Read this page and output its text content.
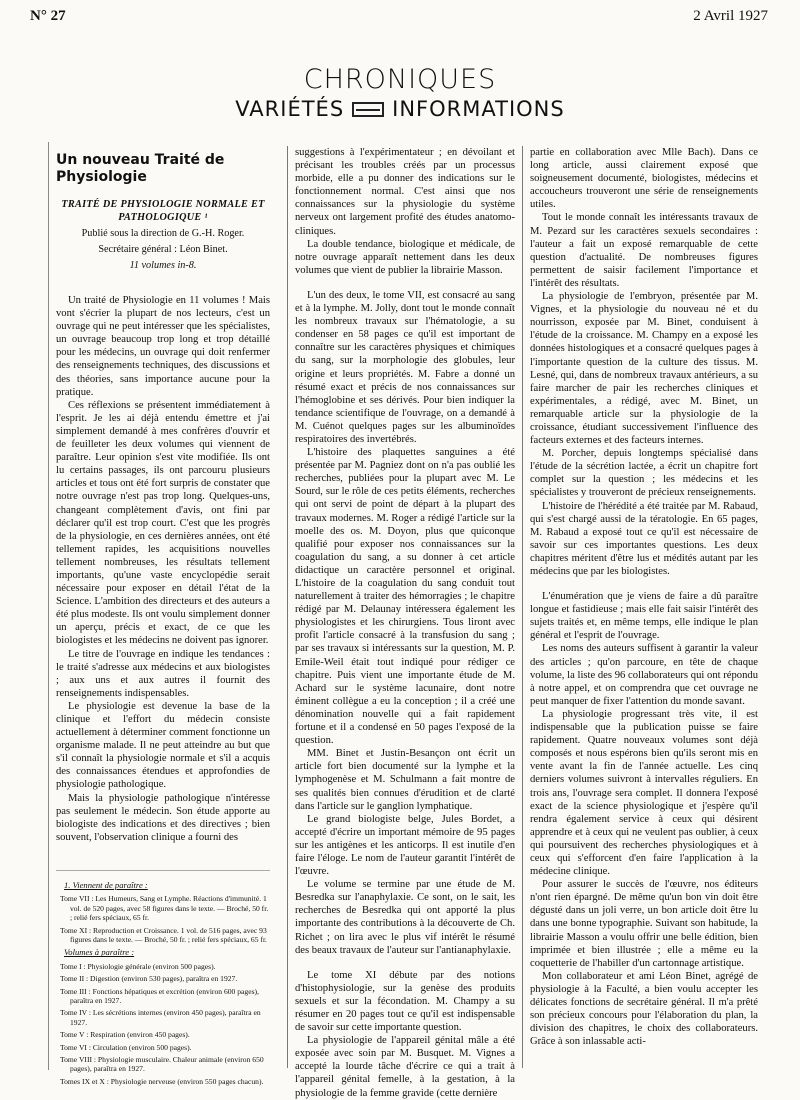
N° 27	2 Avril 1927
CHRONIQUES
VARIÉTÉS INFORMATIONS
Un nouveau Traité de Physiologie
TRAITÉ DE PHYSIOLOGIE NORMALE ET PATHOLOGIQUE ¹
Publié sous la direction de G.-H. Roger.
Secrétaire général : Léon Binet.
11 volumes in-8.

Un traité de Physiologie en 11 volumes ! Mais vont s'écrier la plupart de nos lecteurs, c'est un ouvrage qui ne peut intéresser que les spécialistes, un ouvrage beaucoup trop long et trop détaillé pour les médecins, un ouvrage qui doit renfermer des renseignements techniques, des discussions et des théories, sans importance aucune pour la pratique.

Ces réflexions se présentent immédiatement à l'esprit. Je les ai déjà entendu émettre et j'ai simplement demandé à mes confrères d'ouvrir et de feuilleter les deux volumes qui viennent de paraître. Leur opinion s'est vite modifiée. Ils ont lu certains passages, ils ont parcouru plusieurs articles et tous ont été fort surpris de constater que notre ouvrage n'est pas trop long. Quelques-uns, changeant complètement d'avis, ont fini par déclarer qu'il est trop court. C'est que les progrès de la physiologie, en ces dernières années, ont été tellement rapides, les acquisitions nouvelles tellement nombreuses, les résultats tellement importants, qu'une vaste encyclopédie serait nécessaire pour exposer en détail l'état de la Science. L'ambition des directeurs et des auteurs a été plus modeste. Ils ont voulu simplement donner un aperçu, précis et exact, de ce que les biologistes et les médecins ne doivent pas ignorer.

Le titre de l'ouvrage en indique les tendances : le traité s'adresse aux médecins et aux biologistes ; aux uns et aux autres il fournit des renseignements indispensables.

Le physiologie est devenue la base de la clinique et l'effort du médecin consiste actuellement à déterminer comment fonctionne un organisme malade. Il ne peut atteindre au but que s'il connaît la physiologie normale et s'il a acquis des connaissances étendues et approfondies de physiologie pathologique.

Mais la physiologie pathologique n'intéresse pas seulement le médecin. Son étude apporte au biologiste des indications et des directives ; bien souvent, l'observation clinique a fourni des

1. Viennent de paraître :
Tome VII : Les Humeurs, Sang et Lymphe. Réactions d'immunité. 1 vol. de 520 pages, avec 58 figures dans le texte. — Broché, 50 fr. ; relié fers spéciaux, 65 fr.
Tome XI : Reproduction et Croissance. 1 vol. de 516 pages, avec 93 figures dans le texte. — Broché, 50 fr. ; relié fers spéciaux, 65 fr.
Volumes à paraître :
Tome I : Physiologie générale (environ 500 pages).
Tome II : Digestion (environ 530 pages), paraîtra en 1927.
Tome III : Fonctions hépatiques et excrétion (environ 600 pages), paraîtra en 1927.
Tome IV : Les sécrétions internes (environ 450 pages), paraîtra en 1927.
Tome V : Respiration (environ 450 pages).
Tome VI : Circulation (environ 500 pages).
Tome VIII : Physiologie musculaire. Chaleur animale (environ 650 pages), paraîtra en 1927.
Tomes IX et X : Physiologie nerveuse (environ 550 pages chacun).

suggestions à l'expérimentateur ; en dévoilant et précisant les troubles créés par un processus morbide, elle a pu donner des indications sur le fonctionnement normal. C'est ainsi que nos connaissances sur la physiologie du système nerveux ont largement profité des études anatomo-cliniques.

La double tendance, biologique et médicale, de notre ouvrage apparaît nettement dans les deux volumes que vient de publier la librairie Masson.

L'un des deux, le tome VII, est consacré au sang et à la lymphe. M. Jolly, dont tout le monde connaît les nombreux travaux sur l'hématologie, a su condenser en 58 pages ce qu'il est important de connaître sur les caractères physiques et chimiques du sang, sur la morphologie des globules, leur origine et leurs propriétés. M. Fabre a donné un résumé exact et précis de nos connaissances sur l'hémoglobine et ses dérivés. Pour bien indiquer la tendance scientifique de l'ouvrage, on a demandé à M. Cuénot quelques pages sur les albuminoïdes respiratoires des invertébrés.

L'histoire des plaquettes sanguines a été présentée par M. Pagniez dont on n'a pas oublié les recherches, publiées pour la plupart avec M. Le Sourd, sur le rôle de ces petits éléments, recherches qui ont servi de point de départ à la plupart des travaux modernes. M. Roger a rédigé l'article sur la moelle des os. M. Doyon, plus que quiconque qualifié pour exposer nos connaissances sur la coagulation du sang, a su donner à cet article didactique un caractère personnel et original. L'histoire de la coagulation du sang conduit tout naturellement à traiter des hémorragies ; le chapitre rédigé par M. Delaunay intéressera également les physiologistes et les chirurgiens. Tous liront avec profit l'article consacré à la transfusion du sang ; par ses travaux si intéressants sur la question, M. P. Emile-Weil était tout indiqué pour rédiger ce chapitre. Puis vient une importante étude de M. Achard sur le système lacunaire, dont notre éminent collègue a eu la conception ; il a créé une dénomination nouvelle qui a fait rapidement fortune et il a condensé en 50 pages l'exposé de la question.

MM. Binet et Justin-Besançon ont écrit un article fort bien documenté sur la lymphe et la lymphogenèse et M. Schulmann a fait montre de ses qualités bien connues d'érudition et de clarté dans l'article sur le ganglion lymphatique.

Le grand biologiste belge, Jules Bordet, a accepté d'écrire un important mémoire de 95 pages sur les antigènes et les anticorps. Il est inutile d'en faire l'éloge. Le nom de l'auteur garantit l'intérêt de l'œuvre.

Le volume se termine par une étude de M. Besredka sur l'anaphylaxie. Ce sont, on le sait, les recherches de Besredka qui ont apporté la plus importante des contributions à la découverte de Ch. Richet ; on lira avec le plus vif intérêt le résumé des beaux travaux de l'auteur sur l'antianaphylaxie.

Le tome XI débute par des notions d'histophysiologie, sur la genèse des produits sexuels et sur la fécondation. M. Champy a su résumer en 20 pages tout ce qu'il est indispensable de savoir sur cette importante question.

La physiologie de l'appareil génital mâle a été exposée avec soin par M. Busquet. M. Vignes a accepté la lourde tâche d'écrire ce qui a trait à l'appareil génital femelle, à la gestation, à la physiologie de la femme gravide (cette dernière

partie en collaboration avec Mlle Bach). Dans ce long article, aussi clairement exposé que soigneusement documenté, biologistes, médecins et accoucheurs trouveront une série de renseignements utiles.

Tout le monde connaît les intéressants travaux de M. Pezard sur les caractères sexuels secondaires : l'auteur a fait un exposé remarquable de cette question d'actualité. De nombreuses figures permettent de saisir facilement l'importance et l'intérêt des résultats.

La physiologie de l'embryon, présentée par M. Vignes, et la physiologie du nouveau né et du nourrisson, exposée par M. Binet, conduisent à l'étude de la croissance. M. Champy en a exposé les données histologiques et a consacré quelques pages à l'importante question de la culture des tissus. M. Lesné, qui, dans de nombreux travaux antérieurs, a su faire marcher de pair les recherches cliniques et expérimentales, a rédigé, avec M. Binet, un remarquable article sur la physiologie de la croissance, étudiant successivement l'influence des facteurs externes et des facteurs internes.

M. Porcher, depuis longtemps spécialisé dans l'étude de la sécrétion lactée, a écrit un chapitre fort complet sur la question ; les médecins et les spécialistes y trouveront de précieux renseignements.

L'histoire de l'hérédité a été traitée par M. Rabaud, qui s'est chargé aussi de la tératologie. En 65 pages, M. Rabaud a exposé tout ce qu'il est nécessaire de savoir sur ces importantes questions. Les deux chapitres méritent d'être lus et médités autant par les médecins que par les biologistes.

L'énumération que je viens de faire a dû paraître longue et fastidieuse ; mais elle fait saisir l'intérêt des sujets traités et, en même temps, elle indique le plan général et l'esprit de l'ouvrage.

Les noms des auteurs suffisent à garantir la valeur des articles ; qu'on parcoure, en tête de chaque volume, la liste des 96 collaborateurs qui ont répondu à notre appel, et on comprendra que cet ouvrage ne peut manquer de fixer l'attention du monde savant.

La physiologie progressant très vite, il est indispensable que la publication puisse se faire rapidement. Quatre nouveaux volumes sont déjà composés et nous espérons bien qu'ils seront mis en vente avant la fin de l'année actuelle. Les cinq derniers volumes suivront à intervalles réguliers. En trois ans, l'ouvrage sera complet. Il donnera l'exposé exact de la science physiologique et j'espère qu'il rendra également service à ceux qui désirent apprendre et à ceux qui ne veulent pas oublier, à ceux qui poursuivent des recherches physiologiques et à ceux qui s'efforcent d'en faire l'application à la médecine clinique.

Pour assurer le succès de l'œuvre, nos éditeurs n'ont rien épargné. De même qu'un bon vin doit être dégusté dans un joli verre, un bon article doit être lu dans une bonne typographie. Suivant son habitude, la librairie Masson a voulu offrir une belle édition, bien imprimée et bien illustrée ; elle a même eu la coquetterie de l'habiller d'un cartonnage artistique.

Mon collaborateur et ami Léon Binet, agrégé de physiologie à la Faculté, a bien voulu accepter les délicates fonctions de secrétaire général. Il m'a prêté son précieux concours pour l'élaboration du plan, la division des chapitres, le choix des collaborateurs. Grâce à son inlassable acti-
